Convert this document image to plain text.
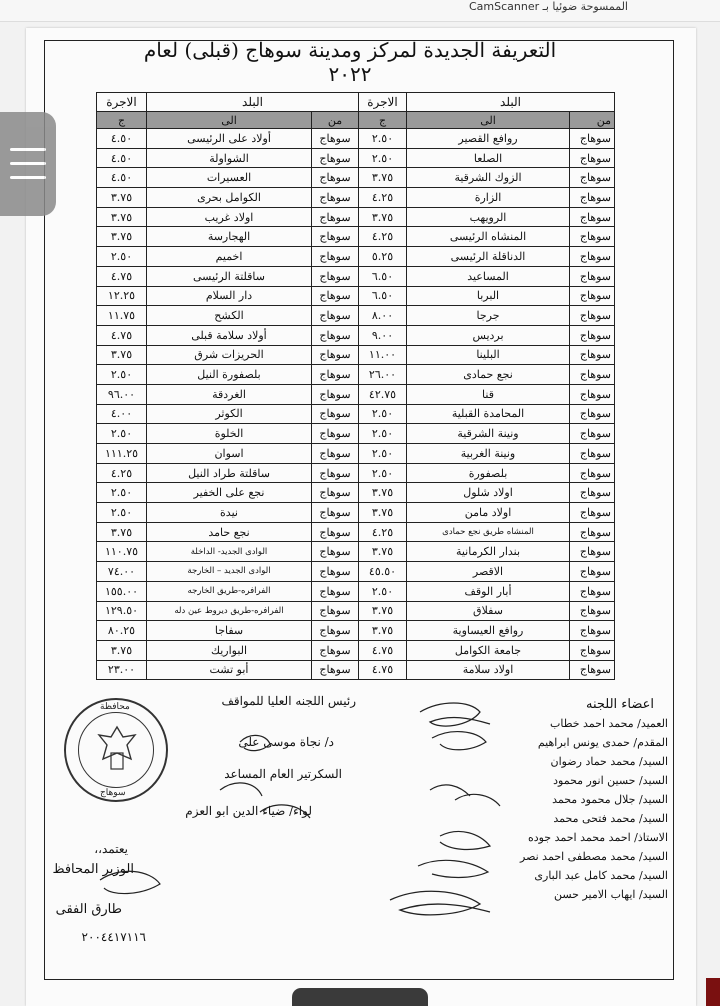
الممسوحة ضوئيا بـ CamScanner
التعريفة الجديدة لمركز ومدينة سوهاج (قبلى) لعام ٢٠٢٢
البلد		الاجرة
من	الى	ج
سوهاج	روافع القصير	٢.٥٠
سوهاج	الصلعا	٢.٥٠
سوهاج	الزوك الشرقية	٣.٧٥
سوهاج	الزارة	٤.٢٥
سوهاج	الرويهب	٣.٧٥
سوهاج	المنشاه الرئيسى	٤.٢٥
سوهاج	الدناقلة الرئيسى	٥.٢٥
سوهاج	المساعيد	٦.٥٠
سوهاج	البربا	٦.٥٠
سوهاج	جرجا	٨.٠٠
سوهاج	برديس	٩.٠٠
سوهاج	البلينا	١١.٠٠
سوهاج	نجع حمادى	٢٦.٠٠
سوهاج	قنا	٤٢.٧٥
سوهاج	المحامدة القبلية	٢.٥٠
سوهاج	ونينة الشرقية	٢.٥٠
سوهاج	ونينة الغربية	٢.٥٠
سوهاج	بلصفورة	٢.٥٠
سوهاج	اولاد شلول	٣.٧٥
سوهاج	اولاد مامن	٣.٧٥
سوهاج	المنشاه طريق نجع حمادى	٤.٢٥
سوهاج	بندار الكرمانية	٣.٧٥
سوهاج	الاقصر	٤٥.٥٠
سوهاج	أبار الوقف	٢.٥٠
سوهاج	سفلاق	٣.٧٥
سوهاج	روافع العيساوية	٣.٧٥
سوهاج	جامعة الكوامل	٤.٧٥
سوهاج	اولاد سلامة	٤.٧٥
البلد		الاجرة
من	الى	ج
سوهاج	أولاد على الرئيسى	٤.٥٠
سوهاج	الشواولة	٤.٥٠
سوهاج	العسيرات	٤.٥٠
سوهاج	الكوامل بحرى	٣.٧٥
سوهاج	اولاد غريب	٣.٧٥
سوهاج	الهجارسة	٣.٧٥
سوهاج	اخميم	٢.٥٠
سوهاج	ساقلتة الرئيسى	٤.٧٥
سوهاج	دار السلام	١٢.٢٥
سوهاج	الكشح	١١.٧٥
سوهاج	أولاد سلامة قبلى	٤.٧٥
سوهاج	الحريزات شرق	٣.٧٥
سوهاج	بلصفورة النيل	٢.٥٠
سوهاج	الغردقة	٩٦.٠٠
سوهاج	الكوثر	٤.٠٠
سوهاج	الخلوة	٢.٥٠
سوهاج	اسوان	١١١.٢٥
سوهاج	ساقلتة طراد النيل	٤.٢٥
سوهاج	نجع على الخفير	٢.٥٠
سوهاج	نيدة	٢.٥٠
سوهاج	نجع حامد	٣.٧٥
سوهاج	الوادى الجديد- الداخلة	١١٠.٧٥
سوهاج	الوادى الجديد – الخارجة	٧٤.٠٠
سوهاج	الفرافره-طريق الخارجه	١٥٥.٠٠
سوهاج	الفرافره-طريق ديروط عين دله	١٢٩.٥٠
سوهاج	سفاجا	٨٠.٢٥
سوهاج	البواريك	٣.٧٥
سوهاج	أبو تشت	٢٣.٠٠
رئيس اللجنه العليا للمواقف
د/ نجاة موسى على
السكرتير العام المساعد
لواء/ ضياء الدين ابو العزم
يعتمد،،
الوزير المحافظ
طارق الفقى
٢٠٠٤٤١٧١١٦
محافظة
سوهاج
اعضاء اللجنه
العميد/ محمد احمد خطاب
المقدم/ حمدى يونس ابراهيم
السيد/ محمد حماد رضوان
السيد/ حسين انور محمود
السيد/ جلال محمود محمد
السيد/ محمد فتحى محمد
الاستاذ/ احمد محمد احمد جوده
السيد/ محمد مصطفى احمد نصر
السيد/ محمد كامل عبد البارى
السيد/ ايهاب الامير حسن
